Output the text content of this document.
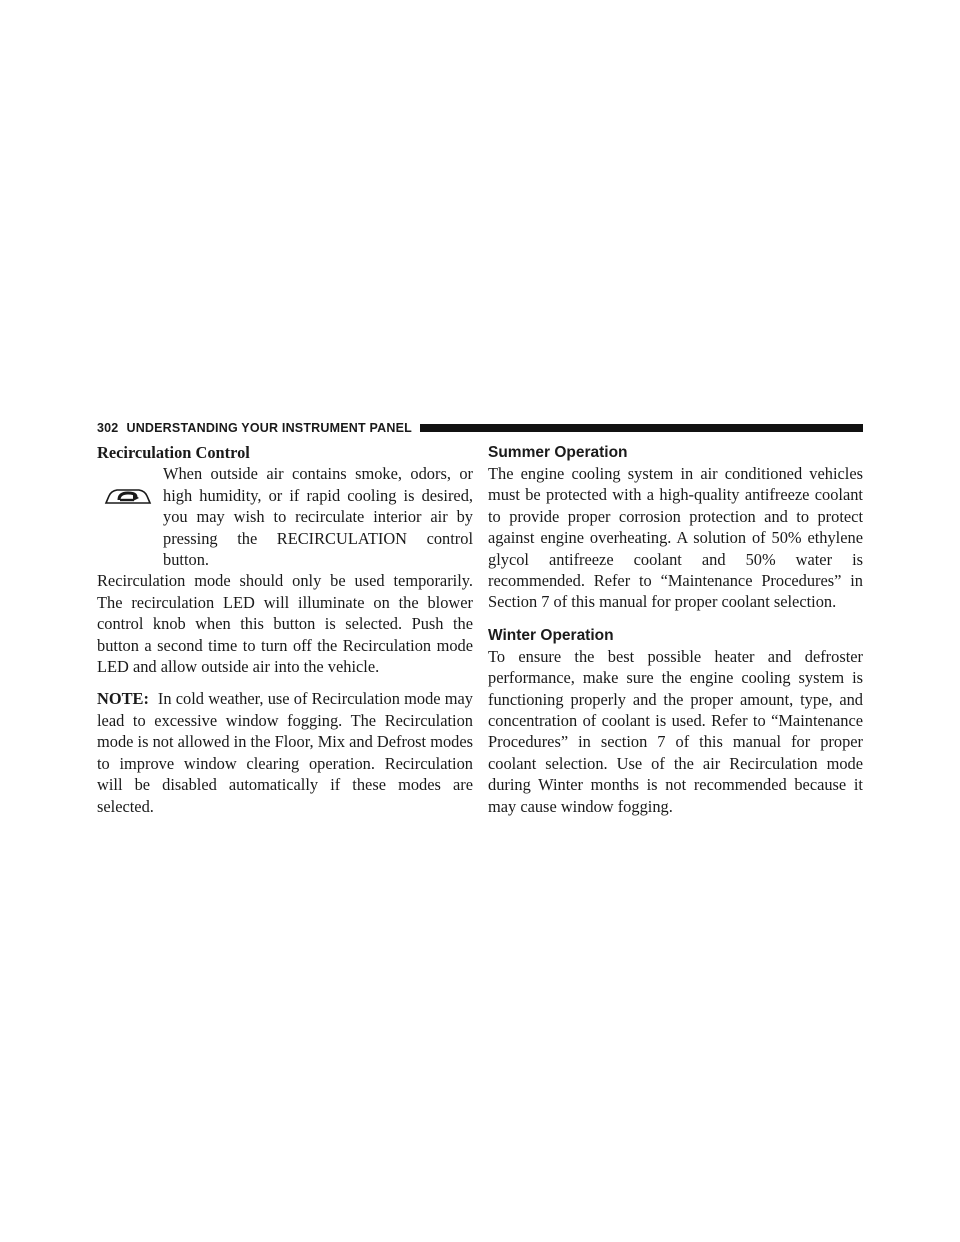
302 UNDERSTANDING YOUR INSTRUMENT PANEL
Recirculation Control

When outside air contains smoke, odors, or high humidity, or if rapid cooling is desired, you may wish to recirculate interior air by pressing the RECIRCULATION control button.

Recirculation mode should only be used temporarily. The recirculation LED will illuminate on the blower control knob when this button is selected. Push the button a second time to turn off the Recirculation mode LED and allow outside air into the vehicle.

NOTE: In cold weather, use of Recirculation mode may lead to excessive window fogging. The Recirculation mode is not allowed in the Floor, Mix and Defrost modes to improve window clearing operation. Recirculation will be disabled automatically if these modes are selected.

Summer Operation

The engine cooling system in air conditioned vehicles must be protected with a high-quality antifreeze coolant to provide proper corrosion protection and to protect against engine overheating. A solution of 50% ethylene glycol antifreeze coolant and 50% water is recommended. Refer to “Maintenance Procedures” in Section 7 of this manual for proper coolant selection.

Winter Operation

To ensure the best possible heater and defroster performance, make sure the engine cooling system is functioning properly and the proper amount, type, and concentration of coolant is used. Refer to “Maintenance Procedures” in section 7 of this manual for proper coolant selection. Use of the air Recirculation mode during Winter months is not recommended because it may cause window fogging.
